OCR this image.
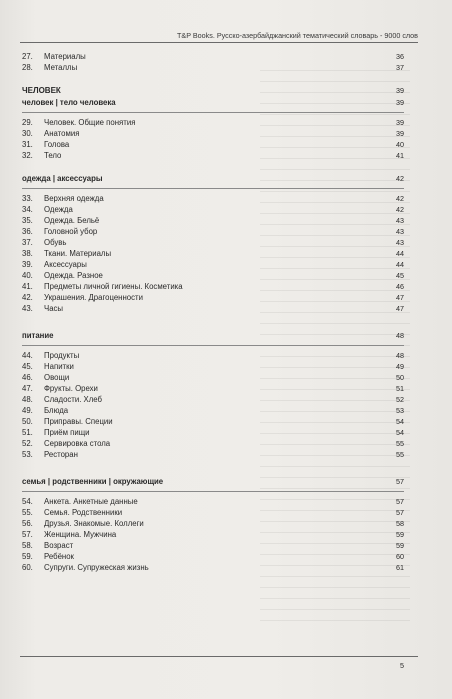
T&P Books. Русско-азербайджанский тематический словарь - 9000 слов
27.	Материалы	36
28.	Металлы	37
ЧЕЛОВЕК	39
человек | тело человека	39
29.	Человек. Общие понятия	39
30.	Анатомия	39
31.	Голова	40
32.	Тело	41
одежда | аксессуары	42
33.	Верхняя одежда	42
34.	Одежда	42
35.	Одежда. Бельё	43
36.	Головной убор	43
37.	Обувь	43
38.	Ткани. Материалы	44
39.	Аксессуары	44
40.	Одежда. Разное	45
41.	Предметы личной гигиены. Косметика	46
42.	Украшения. Драгоценности	47
43.	Часы	47
питание	48
44.	Продукты	48
45.	Напитки	49
46.	Овощи	50
47.	Фрукты. Орехи	51
48.	Сладости. Хлеб	52
49.	Блюда	53
50.	Приправы. Специи	54
51.	Приём пищи	54
52.	Сервировка стола	55
53.	Ресторан	55
семья | родственники | окружающие	57
54.	Анкета. Анкетные данные	57
55.	Семья. Родственники	57
56.	Друзья. Знакомые. Коллеги	58
57.	Женщина. Мужчина	59
58.	Возраст	59
59.	Ребёнок	60
60.	Супруги. Супружеская жизнь	61
5
